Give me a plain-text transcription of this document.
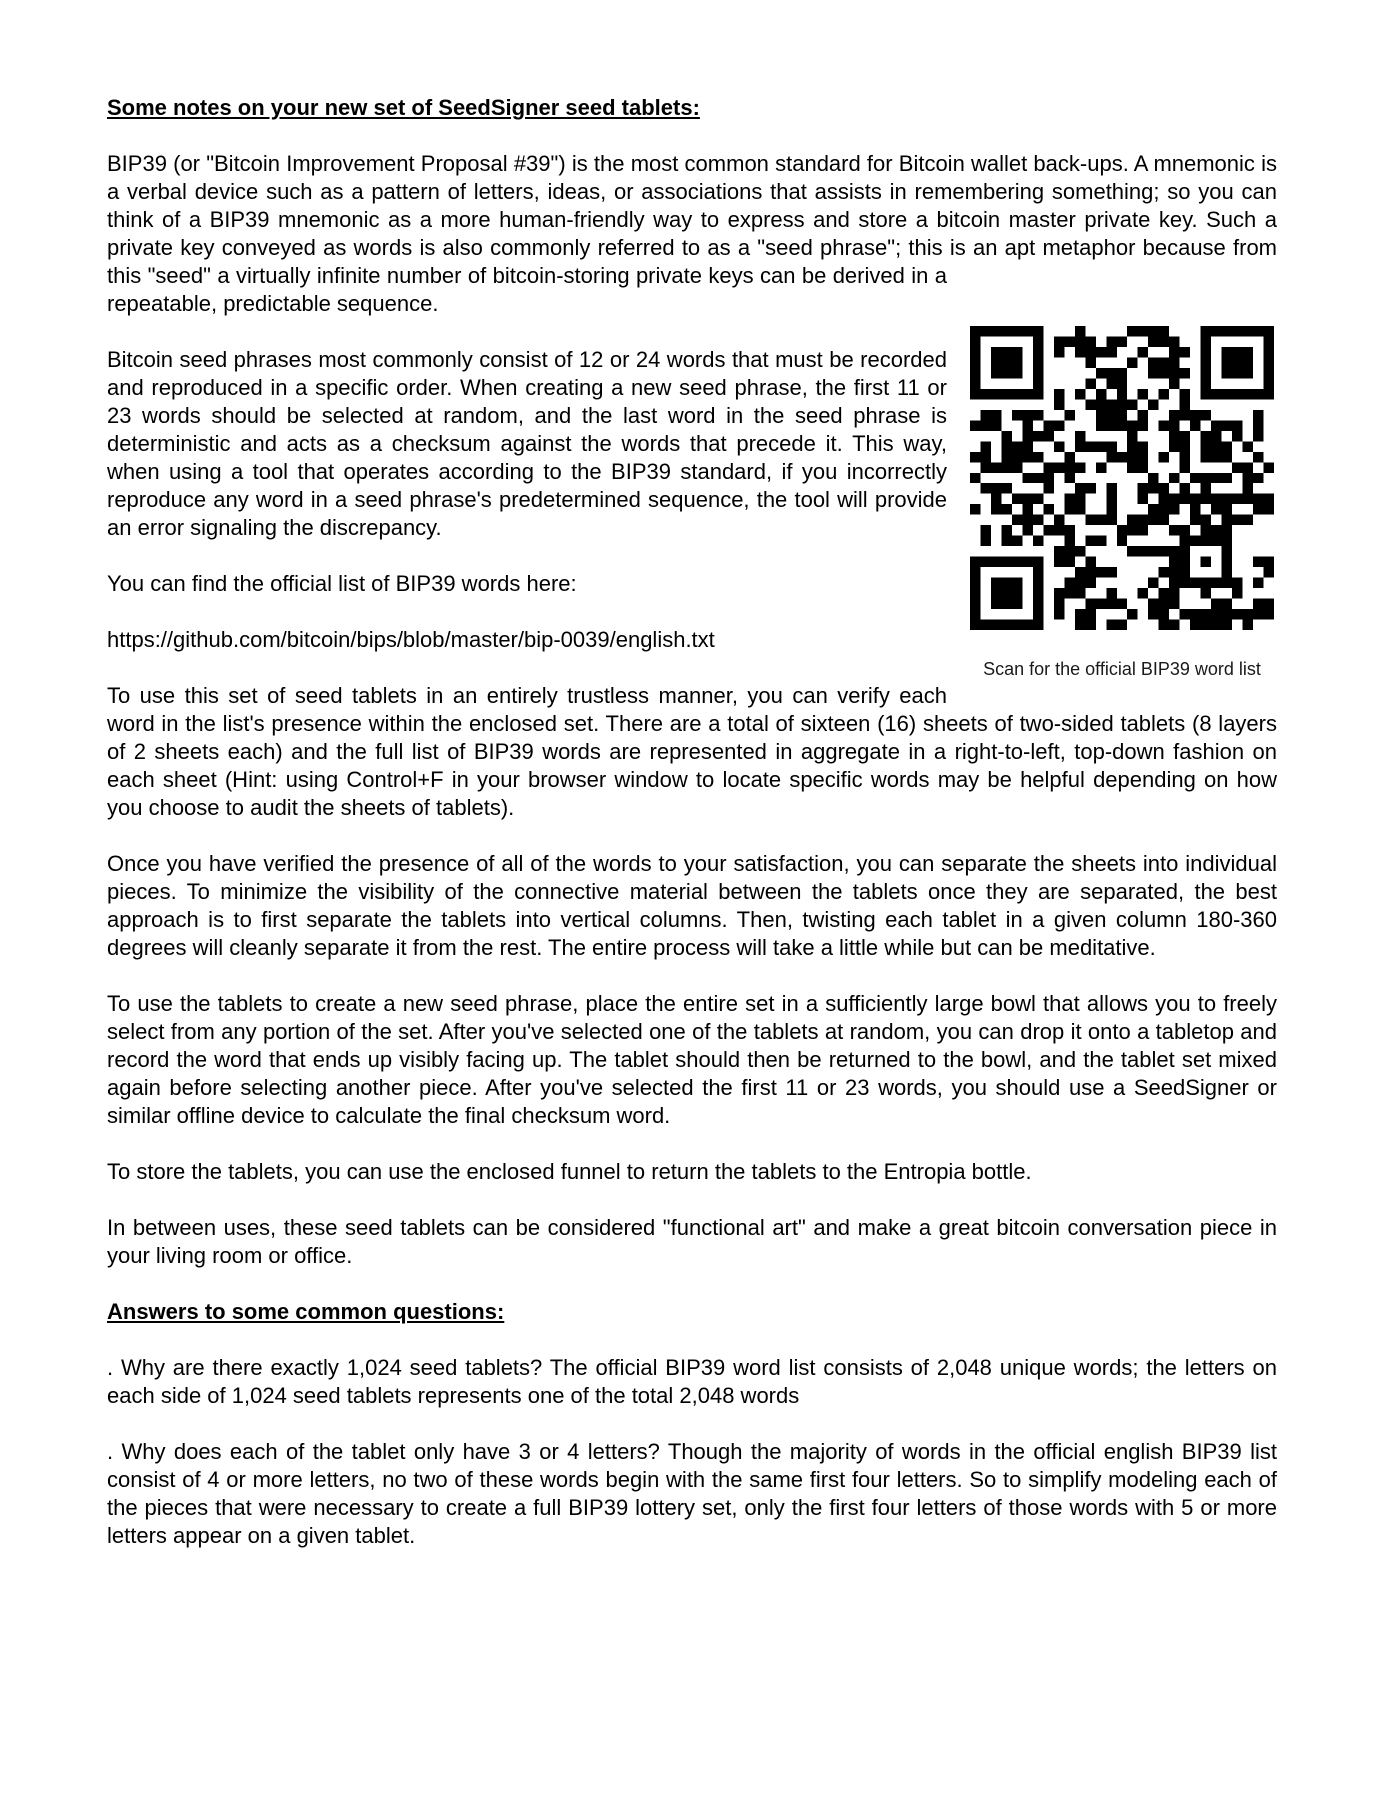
Some notes on your new set of SeedSigner seed tablets:

BIP39 (or "Bitcoin Improvement Proposal #39") is the most common standard for Bitcoin wallet back-ups. A mnemonic is a verbal device such as a pattern of letters, ideas, or associations that assists in remembering something; so you can think of a BIP39 mnemonic as a more human-friendly way to express and store a bitcoin master private key. Such a private key conveyed as words is also commonly referred to as a "seed phrase"; this is an apt metaphor because from this "seed" a virtually
Scan for the official BIP39 word list
infinite number of bitcoin-storing private keys can be derived in a repeatable, predictable sequence.

Bitcoin seed phrases most commonly consist of 12 or 24 words that must be recorded and reproduced in a specific order. When creating a new seed phrase, the first 11 or 23 words should be selected at random, and the last word in the seed phrase is deterministic and acts as a checksum against the words that precede it. This way, when using a tool that operates according to the BIP39 standard, if you incorrectly reproduce any word in a seed phrase's predetermined sequence, the tool will provide an error signaling the discrepancy.

You can find the official list of BIP39 words here:

https://github.com/bitcoin/bips/blob/master/bip-0039/english.txt

To use this set of seed tablets in an entirely trustless manner, you can verify each word in the list's presence within the enclosed set. There are a total of sixteen (16) sheets of two-sided tablets (8 layers of 2 sheets each) and the full list of BIP39 words are represented in aggregate in a right-to-left, top-down fashion on each sheet (Hint: using Control+F in your browser window to locate specific words may be helpful depending on how you choose to audit the sheets of tablets).

Once you have verified the presence of all of the words to your satisfaction, you can separate the sheets into individual pieces. To minimize the visibility of the connective material between the tablets once they are separated, the best approach is to first separate the tablets into vertical columns. Then, twisting each tablet in a given column 180-360 degrees will cleanly separate it from the rest. The entire process will take a little while but can be meditative.

To use the tablets to create a new seed phrase, place the entire set in a sufficiently large bowl that allows you to freely select from any portion of the set. After you've selected one of the tablets at random, you can drop it onto a tabletop and record the word that ends up visibly facing up. The tablet should then be returned to the bowl, and the tablet set mixed again before selecting another piece. After you've selected the first 11 or 23 words, you should use a SeedSigner or similar offline device to calculate the final checksum word.

To store the tablets, you can use the enclosed funnel to return the tablets to the Entropia bottle.

In between uses, these seed tablets can be considered "functional art" and make a great bitcoin conversation piece in your living room or office.

Answers to some common questions:

. Why are there exactly 1,024 seed tablets? The official BIP39 word list consists of 2,048 unique words; the letters on each side of 1,024 seed tablets represents one of the total 2,048 words

. Why does each of the tablet only have 3 or 4 letters? Though the majority of words in the official english BIP39 list consist of 4 or more letters, no two of these words begin with the same first four letters. So to simplify modeling each of the pieces that were necessary to create a full BIP39 lottery set, only the first four letters of those words with 5 or more letters appear on a given tablet.
